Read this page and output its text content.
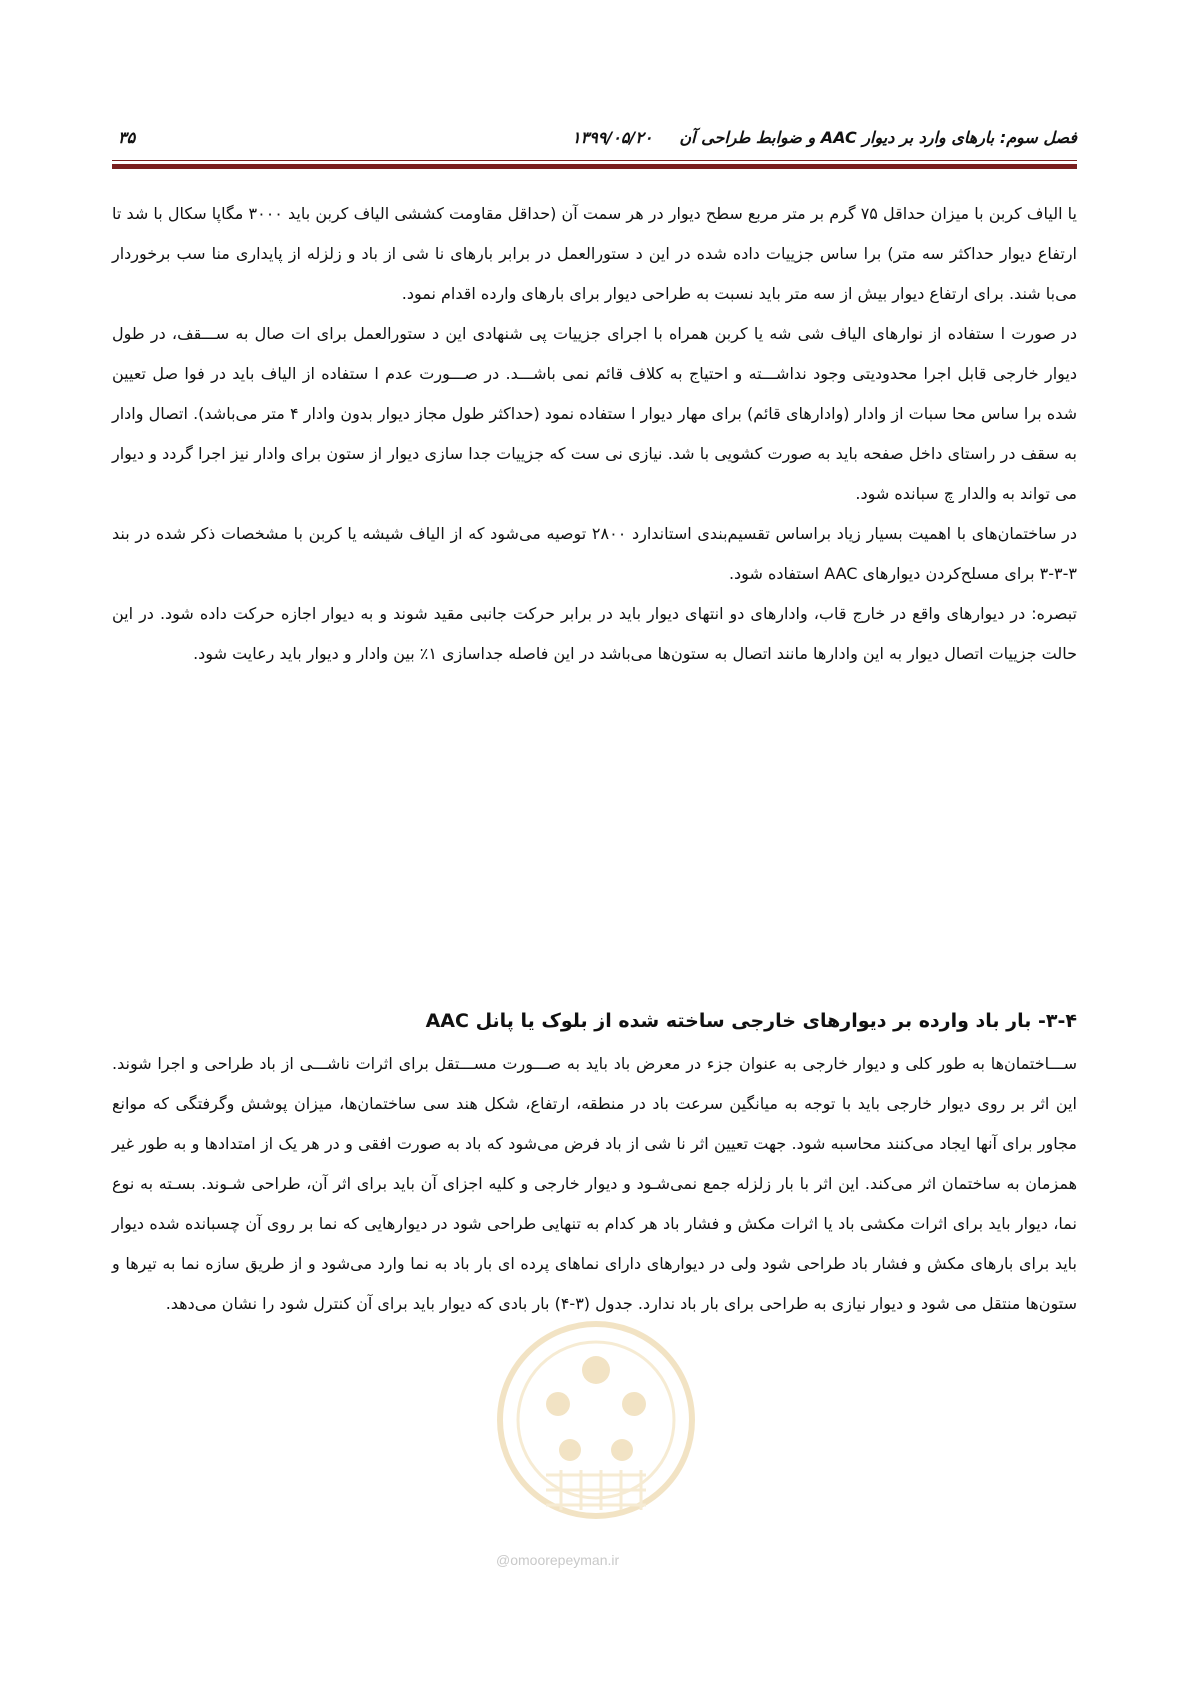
فصل سوم: بارهای وارد بر دیوار AAC و ضوابط طراحی آن
۱۳۹۹/۰۵/۲۰
۳۵

یا الیاف کربن با میزان حداقل ۷۵ گرم بر متر مربع سطح دیوار در هر سمت آن (حداقل مقاومت کششی الیاف کربن باید ۳۰۰۰ مگاپا سکال با شد تا ارتفاع دیوار حداکثر سه متر) برا ساس جزییات داده شده در این د ستورالعمل در برابر بارهای نا شی از باد و زلزله از پایداری منا سب برخوردار می‌با شند. برای ارتفاع دیوار بیش از سه متر باید نسبت به طراحی دیوار برای بارهای وارده اقدام نمود.

در صورت ا ستفاده از نوارهای الیاف شی شه یا کربن همراه با اجرای جزییات پی شنهادی این د ستورالعمل برای ات صال به ســـقف، در طول دیوار خارجی قابل اجرا محدودیتی وجود نداشـــته و احتیاج به کلاف قائم نمی باشـــد. در صـــورت عدم ا ستفاده از الیاف باید در فوا صل تعیین شده برا ساس محا سبات از وادار (وادارهای قائم) برای مهار دیوار ا ستفاده نمود (حداکثر طول مجاز دیوار بدون وادار ۴ متر می‌باشد). اتصال وادار به سقف در راستای داخل صفحه باید به صورت کشویی با شد. نیازی نی ست که جزییات جدا سازی دیوار از ستون برای وادار نیز اجرا گردد و دیوار می تواند به والدار چ سبانده شود.

در ساختمان‌های با اهمیت بسیار زیاد براساس تقسیم‌بندی استاندارد ۲۸۰۰ توصیه می‌شود که از الیاف شیشه یا کربن با مشخصات ذکر شده در بند ۳-۳-۳ برای مسلح‌کردن دیوارهای AAC استفاده شود.

تبصره: در دیوارهای واقع در خارج قاب، وادارهای دو انتهای دیوار باید در برابر حرکت جانبی مقید شوند و به دیوار اجازه حرکت داده شود. در این حالت جزییات اتصال دیوار به این وادارها مانند اتصال به ستون‌ها می‌باشد در این فاصله جداسازی ۱٪ بین وادار و دیوار باید رعایت شود.

۳-۴- بار باد وارده بر دیوارهای خارجی ساخته شده از بلوک یا پانل AAC

ســـاختمان‌ها به طور کلی و دیوار خارجی به عنوان جزء در معرض باد باید به صـــورت مســـتقل برای اثرات ناشـــی از باد طراحی و اجرا شوند. این اثر بر روی دیوار خارجی باید با توجه به میانگین سرعت باد در منطقه، ارتفاع، شکل هند سی ساختمان‌ها، میزان پوشش وگرفتگی که موانع مجاور برای آنها ایجاد می‌کنند محاسبه شود. جهت تعیین اثر نا شی از باد فرض می‌شود که باد به صورت افقی و در هر یک از امتدادها و به طور غیر همزمان به ساختمان اثر می‌کند. این اثر با بار زلزله جمع نمی‌شـود و دیوار خارجی و کلیه اجزای آن باید برای اثر آن، طراحی شـوند. بسـته به نوع نما، دیوار باید برای اثرات مکشی باد یا اثرات مکش و فشار باد هر کدام به تنهایی طراحی شود در دیوارهایی که نما بر روی آن چسبانده شده دیوار باید برای بارهای مکش و فشار باد طراحی شود ولی در دیوارهای دارای نماهای پرده ای بار باد به نما وارد می‌شود و از طریق سازه نما به تیرها و ستون‌ها منتقل می شود و دیوار نیازی به طراحی برای بار باد ندارد. جدول (۳-۴) بار بادی که دیوار باید برای آن کنترل شود را نشان می‌دهد.

@omoorepeyman.ir
